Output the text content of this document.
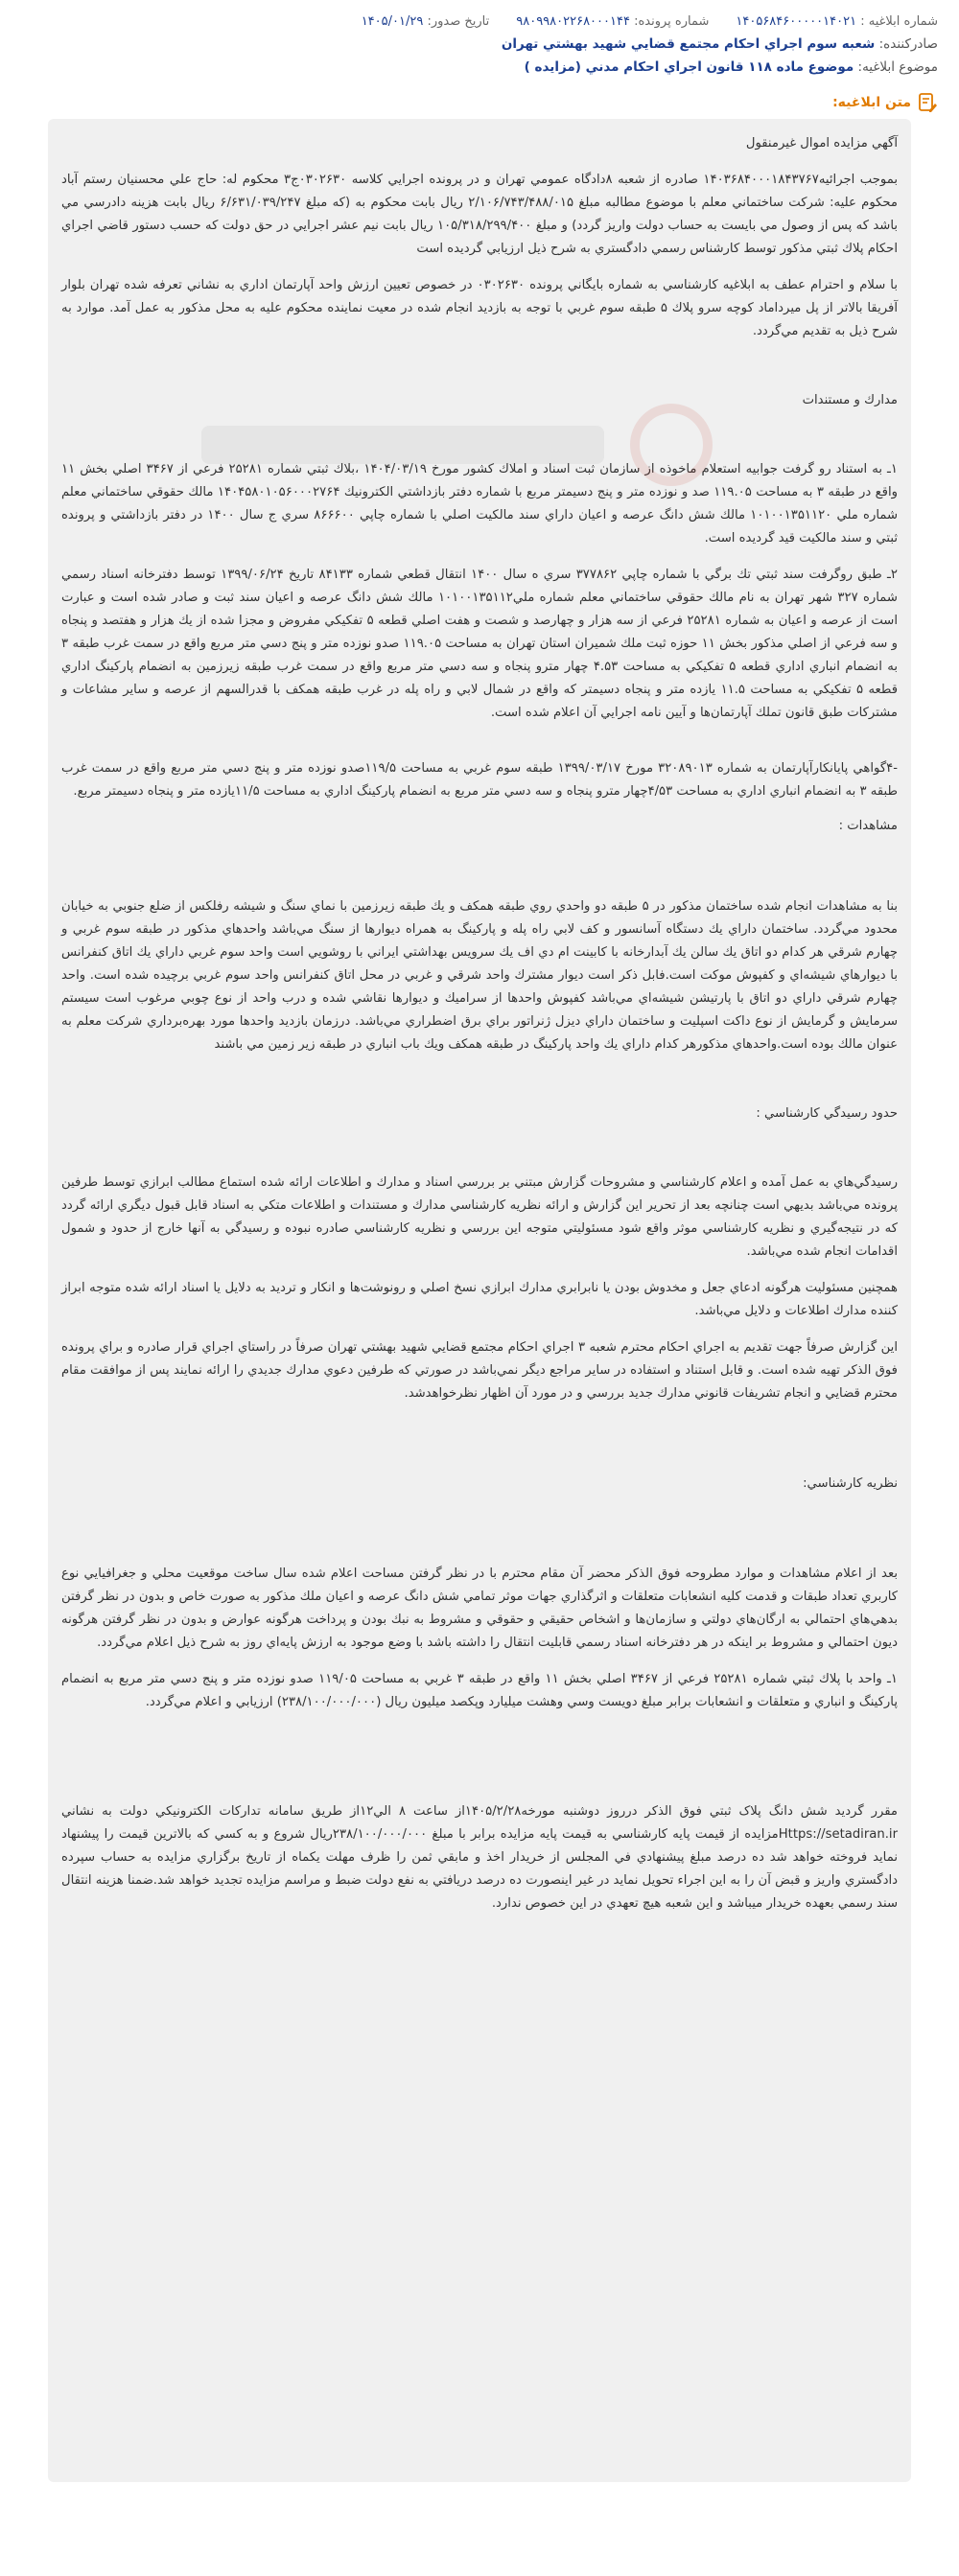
شماره ابلاغیه : ۱۴۰۵۶۸۴۶۰۰۰۰۰۱۴۰۲۱
شماره پرونده: ۹۸۰۹۹۸۰۲۲۶۸۰۰۰۱۴۴
تاریخ صدور: ۱۴۰۵/۰۱/۲۹
صادرکننده: شعبه سوم اجراي احکام مجتمع قضايي شهيد بهشتي تهران
موضوع ابلاغیه: موضوع ماده ۱۱۸ قانون اجراي احكام مدني (مزايده )
متن ابلاغیه:

آگهي مزايده اموال غيرمنقول

بموجب اجرائيه۱۴۰۳۶۸۴۰۰۰۱۸۴۳۷۶۷ صادره از شعبه ۸دادگاه عمومي تهران و در پرونده اجرايي كلاسه ۰۳۰۲۶۳۰ج۳ محكوم له: حاج علي محسنيان رستم آباد محكوم عليه: شركت ساختماني معلم با موضوع مطالبه مبلغ ۲/۱۰۶/۷۴۳/۴۸۸/۰۱۵ ريال بابت محكوم به (كه مبلغ ۶/۶۳۱/۰۳۹/۲۴۷ ريال بابت هزينه دادرسي مي باشد كه پس از وصول مي بايست به حساب دولت واريز گردد) و مبلغ ۱۰۵/۳۱۸/۲۹۹/۴۰۰ ريال بابت نيم عشر اجرايي در حق دولت كه حسب دستور قاضي اجراي احكام پلاك ثبتي مذكور توسط كارشناس رسمي دادگستري به شرح ذيل ارزيابي گرديده است

با سلام و احترام عطف به ابلاغيه كارشناسي به شماره بايگاني پرونده ۰۳۰۲۶۳۰ در خصوص تعيين ارزش واحد آپارتمان اداري به نشاني تعرفه شده تهران بلوار آفريقا بالاتر از پل ميرداماد كوچه سرو پلاك ۵ طبقه سوم غربي با توجه به بازديد انجام شده در معيت نماينده محكوم عليه به محل مذكور به عمل آمد. موارد به شرح ذيل به تقديم مي‌گردد.

مدارك و مستندات

۱ـ به استناد رو گرفت جوابيه استعلام ماخوذه از سازمان ثبت اسناد و املاك كشور مورخ ۱۴۰۴/۰۳/۱۹ ،بلاك ثبتي شماره ۲۵۲۸۱ فرعي از ۳۴۶۷ اصلي بخش ۱۱ واقع در طبقه ۳ به مساحت ۱۱۹.۰۵ صد و نوزده متر و پنج دسيمتر مربع با شماره دفتر بازداشتي الكترونيك ۱۴۰۴۵۸۰۱۰۵۶۰۰۰۲۷۶۴ مالك حقوقي ساختماني معلم شماره ملي ۱۰۱۰۰۱۳۵۱۱۲۰ مالك شش دانگ عرصه و اعيان داراي سند مالكيت اصلي با شماره چاپي ۸۶۶۶۰۰ سري ج سال ۱۴۰۰ در دفتر بازداشتي و پرونده ثبتي و سند مالكيت قيد گرديده است.

۲ـ طبق روگرفت سند ثبتي تك برگي با شماره چاپي ۳۷۷۸۶۲ سري ه سال ۱۴۰۰ انتقال قطعي شماره ۸۴۱۳۳ تاريخ ۱۳۹۹/۰۶/۲۴ توسط دفترخانه اسناد رسمي شماره ۳۲۷ شهر تهران به نام مالك حقوقي ساختماني معلم شماره ملي۱۰۱۰۰۱۳۵۱۱۲ مالك شش دانگ عرصه و اعيان سند ثبت و صادر شده است و عبارت است از عرصه و اعيان به شماره ۲۵۲۸۱ فرعي از سه هزار و چهارصد و شصت و هفت اصلي قطعه ۵ تفكيكي مفروض و مجزا شده از يك هزار و هفتصد و پنجاه و سه فرعي از اصلي مذكور بخش ۱۱ حوزه ثبت ملك شميران استان تهران به مساحت ۱۱۹.۰۵ صدو نوزده متر و پنج دسي متر مربع واقع در سمت غرب طبقه ۳ به انضمام انباري اداري قطعه ۵ تفكيكي به مساحت ۴.۵۳ چهار مترو پنجاه و سه دسي متر مربع واقع در سمت غرب طبقه زيرزمين به انضمام پاركينگ اداري قطعه ۵ تفكيكي به مساحت ۱۱.۵ يازده متر و پنجاه دسيمتر كه واقع در شمال لابي و راه پله در غرب طبقه همكف با قدرالسهم از عرصه و ساير مشاعات و مشتركات طبق قانون تملك آپارتمان‌ها و آيين نامه اجرايي آن اعلام شده است.

-۴گواهي پايانكارآپارتمان به شماره ۳۲۰۸۹۰۱۳ مورخ ۱۳۹۹/۰۳/۱۷ طبقه سوم غربي به مساحت ۱۱۹/۵صدو نوزده متر و پنج دسي متر مربع واقع در سمت غرب طبقه ۳ به انضمام انباري اداري به مساحت ۴/۵۳چهار مترو پنجاه و سه دسي متر مربع به انضمام پاركينگ اداري به مساحت ۱۱/۵يازده متر و پنجاه دسيمتر مربع.

مشاهدات :

بنا به مشاهدات انجام شده ساختمان مذكور در ۵ طبقه دو واحدي روي طبقه همكف و يك طبقه زيرزمين با نماي سنگ و شيشه رفلكس از ضلع جنوبي به خيابان محدود مي‌گردد. ساختمان داراي يك دستگاه آسانسور و كف لابي راه پله و پاركينگ به همراه ديوارها از سنگ مي‌باشد واحدهاي مذكور در طبقه سوم غربي و چهارم شرقي هر كدام دو اتاق يك سالن يك آبدارخانه با كابينت ام دي اف يك سرويس بهداشتي ايراني با روشويي است واحد سوم غربي داراي يك اتاق كنفرانس با ديوارهاي شيشه‌اي و كفپوش موكت است.فابل ذكر است ديوار مشترك واحد شرقي و غربي در محل اتاق كنفرانس واحد سوم غربي برچيده شده است. واحد چهارم شرقي داراي دو اتاق با پارتيشن شيشه‌اي مي‌باشد كفپوش واحدها از سراميك و ديوارها نقاشي شده و درب واحد از نوع چوبي مرغوب است سيستم سرمايش و گرمايش از نوع داكت اسپليت و ساختمان داراي ديزل ژنراتور براي برق اضطراري مي‌باشد. درزمان بازديد واحدها مورد بهره‌برداري شركت معلم به عنوان مالك بوده است.واحدهاي مذكورهر كدام داراي يك واحد پاركينگ در طبقه همكف ويك باب انباري در طبقه زير زمين مي باشند

حدود رسيدگي كارشناسي :

رسيدگي‌هاي به عمل آمده و اعلام كارشناسي و مشروحات گزارش مبتني بر بررسي اسناد و مدارك و اطلاعات ارائه شده استماع مطالب ابرازي توسط طرفين پرونده مي‌باشد بديهي است چنانچه بعد از تحرير اين گزارش و ارائه نظريه كارشناسي مدارك و مستندات و اطلاعات متكي به اسناد قابل قبول ديگري ارائه گردد كه در نتيجه‌گيري و نظريه كارشناسي موثر واقع شود مسئوليتي متوجه اين بررسي و نظريه كارشناسي صادره نبوده و رسيدگي به آنها خارج از حدود و شمول اقدامات انجام شده مي‌باشد.

همچنين مسئوليت هرگونه ادعاي جعل و مخدوش بودن يا نابرابري مدارك ابرازي نسخ اصلي و رونوشت‌ها و انكار و ترديد به دلايل يا اسناد ارائه شده متوجه ابراز كننده مدارك اطلاعات و دلايل مي‌باشد.

اين گزارش صرفاً جهت تقديم به اجراي احكام محترم شعبه ۳ اجراي احكام مجتمع قضايي شهيد بهشتي تهران صرفاً در راستاي اجراي قرار صادره و براي پرونده فوق الذكر تهيه شده است. و قابل استناد و استفاده در ساير مراجع ديگر نمي‌باشد در صورتي كه طرفين دعوي مدارك جديدي را ارائه نمايند پس از موافقت مقام محترم قضايي و انجام تشريفات قانوني مدارك جديد بررسي و در مورد آن اظهار نظرخواهدشد.

نظريه كارشناسي:

بعد از اعلام مشاهدات و موارد مطروحه فوق الذكر محضر آن مقام محترم با در نظر گرفتن مساحت اعلام شده سال ساخت موقعيت محلي و جغرافيايي نوع كاربري تعداد طبقات و قدمت كليه انشعابات متعلقات و اثرگذاري جهات موثر تمامي شش دانگ عرصه و اعيان ملك مذكور به صورت خاص و بدون در نظر گرفتن بدهي‌هاي احتمالي به ارگان‌هاي دولتي و سازمان‌ها و اشخاص حقيقي و حقوقي و مشروط به نبك بودن و پرداخت هرگونه عوارض و بدون در نظر گرفتن هرگونه ديون احتمالي و مشروط بر اينكه در هر دفترخانه اسناد رسمي قابليت انتقال را داشته باشد با وضع موجود به ارزش پايه‌اي روز به شرح ذيل اعلام مي‌گردد.

۱ـ واحد با پلاك ثبتي شماره ۲۵۲۸۱ فرعي از ۳۴۶۷ اصلي بخش ۱۱ واقع در طبقه ۳ غربي به مساحت ۱۱۹/۰۵ صدو نوزده متر و پنج دسي متر مربع به انضمام پاركينگ و انباري و متعلقات و انشعابات برابر مبلغ دويست وسي وهشت ميليارد وپكصد ميليون ريال (۲۳۸/۱۰۰/۰۰۰/۰۰۰) ارزيابي و اعلام مي‌گردد.

مقرر گرديد شش دانگ پلاک ثبتي فوق الذکر درروز دوشنبه مورخه۱۴۰۵/۲/۲۸از ساعت ۸ الي۱۲از طريق سامانه تداركات الكترونيكي دولت به نشاني Https://setadiran.irمزايده از قيمت پايه كارشناسي به قيمت پايه مزايده برابر با مبلغ ۲۳۸/۱۰۰/۰۰۰/۰۰۰ريال شروع و به كسي كه بالاترين قيمت را پيشنهاد نمايد فروخته خواهد شد ده درصد مبلغ پيشنهادي في المجلس از خريدار اخذ و مابقي ثمن را ظرف مهلت يكماه از تاريخ برگزاري مزايده به حساب سپرده دادگستري واريز و قبض آن را به اين اجراء تحويل نمايد در غير اينصورت ده درصد دريافتي به نفع دولت ضبط و مراسم مزايده تجديد خواهد شد.ضمنا هزينه انتقال سند رسمي بعهده خريدار ميباشد و اين شعبه هيچ تعهدي در اين خصوص ندارد.
